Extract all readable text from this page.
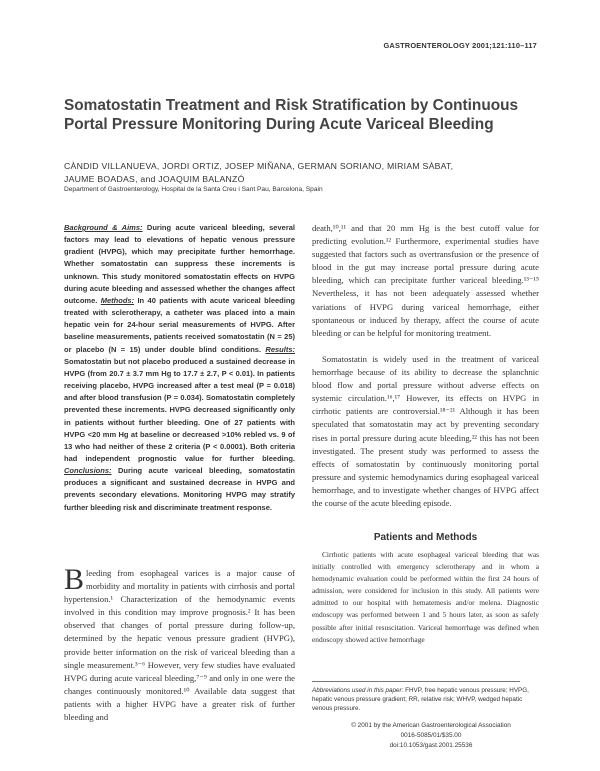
GASTROENTEROLOGY 2001;121:110–117
Somatostatin Treatment and Risk Stratification by Continuous Portal Pressure Monitoring During Acute Variceal Bleeding
CÀNDID VILLANUEVA, JORDI ORTIZ, JOSEP MIÑANA, GERMAN SORIANO, MIRIAM SÀBAT,
JAUME BOADAS, and JOAQUIM BALANZÓ
Department of Gastroenterology, Hospital de la Santa Creu i Sant Pau, Barcelona, Spain

Background & Aims: During acute variceal bleeding, several factors may lead to elevations of hepatic venous pressure gradient (HVPG), which may precipitate further hemorrhage. Whether somatostatin can suppress these increments is unknown. This study monitored somatostatin effects on HVPG during acute bleeding and assessed whether the changes affect outcome. Methods: In 40 patients with acute variceal bleeding treated with sclerotherapy, a catheter was placed into a main hepatic vein for 24-hour serial measurements of HVPG. After baseline measurements, patients received somatostatin (N = 25) or placebo (N = 15) under double blind conditions. Results: Somatostatin but not placebo produced a sustained decrease in HVPG (from 20.7 ± 3.7 mm Hg to 17.7 ± 2.7, P < 0.01). In patients receiving placebo, HVPG increased after a test meal (P = 0.018) and after blood transfusion (P = 0.034). Somatostatin completely prevented these increments. HVPG decreased significantly only in patients without further bleeding. One of 27 patients with HVPG <20 mm Hg at baseline or decreased >10% rebled vs. 9 of 13 who had neither of these 2 criteria (P < 0.0001). Both criteria had independent prognostic value for further bleeding. Conclusions: During acute variceal bleeding, somatostatin produces a significant and sustained decrease in HVPG and prevents secondary elevations. Monitoring HVPG may stratify further bleeding risk and discriminate treatment response.

Bleeding from esophageal varices is a major cause of morbidity and mortality in patients with cirrhosis and portal hypertension.¹ Characterization of the hemodynamic events involved in this condition may improve prognosis.² It has been observed that changes of portal pressure during follow-up, determined by the hepatic venous pressure gradient (HVPG), provide better information on the risk of variceal bleeding than a single measurement.³⁻⁶ However, very few studies have evaluated HVPG during acute variceal bleeding,⁷⁻⁹ and only in one were the changes continuously monitored.¹⁰ Available data suggest that patients with a higher HVPG have a greater risk of further bleeding and

death,¹⁰,¹¹ and that 20 mm Hg is the best cutoff value for predicting evolution.¹² Furthermore, experimental studies have suggested that factors such as overtransfusion or the presence of blood in the gut may increase portal pressure during acute bleeding, which can precipitate further variceal bleeding.¹³⁻¹⁵ Nevertheless, it has not been adequately assessed whether variations of HVPG during variceal hemorrhage, either spontaneous or induced by therapy, affect the course of acute bleeding or can be helpful for monitoring treatment.

Somatostatin is widely used in the treatment of variceal hemorrhage because of its ability to decrease the splanchnic blood flow and portal pressure without adverse effects on systemic circulation.¹⁶,¹⁷ However, its effects on HVPG in cirrhotic patients are controversial.¹⁸⁻²¹ Although it has been speculated that somatostatin may act by preventing secondary rises in portal pressure during acute bleeding,²² this has not been investigated. The present study was performed to assess the effects of somatostatin by continuously monitoring portal pressure and systemic hemodynamics during esophageal variceal hemorrhage, and to investigate whether changes of HVPG affect the course of the acute bleeding episode.

Patients and Methods

Cirrhotic patients with acute esophageal variceal bleeding that was initially controlled with emergency sclerotherapy and in whom a hemodynamic evaluation could be performed within the first 24 hours of admission, were considered for inclusion in this study. All patients were admitted to our hospital with hematemesis and/or melena. Diagnostic endoscopy was performed between 1 and 5 hours later, as soon as safely possible after initial resuscitation. Variceal hemorrhage was defined when endoscopy showed active hemorrhage

Abbreviations used in this paper: FHVP, free hepatic venous pressure; HVPG, hepatic venous pressure gradient; RR, relative risk; WHVP, wedged hepatic venous pressure.

© 2001 by the American Gastroenterological Association
0016-5085/01/$35.00
doi:10.1053/gast.2001.25536
